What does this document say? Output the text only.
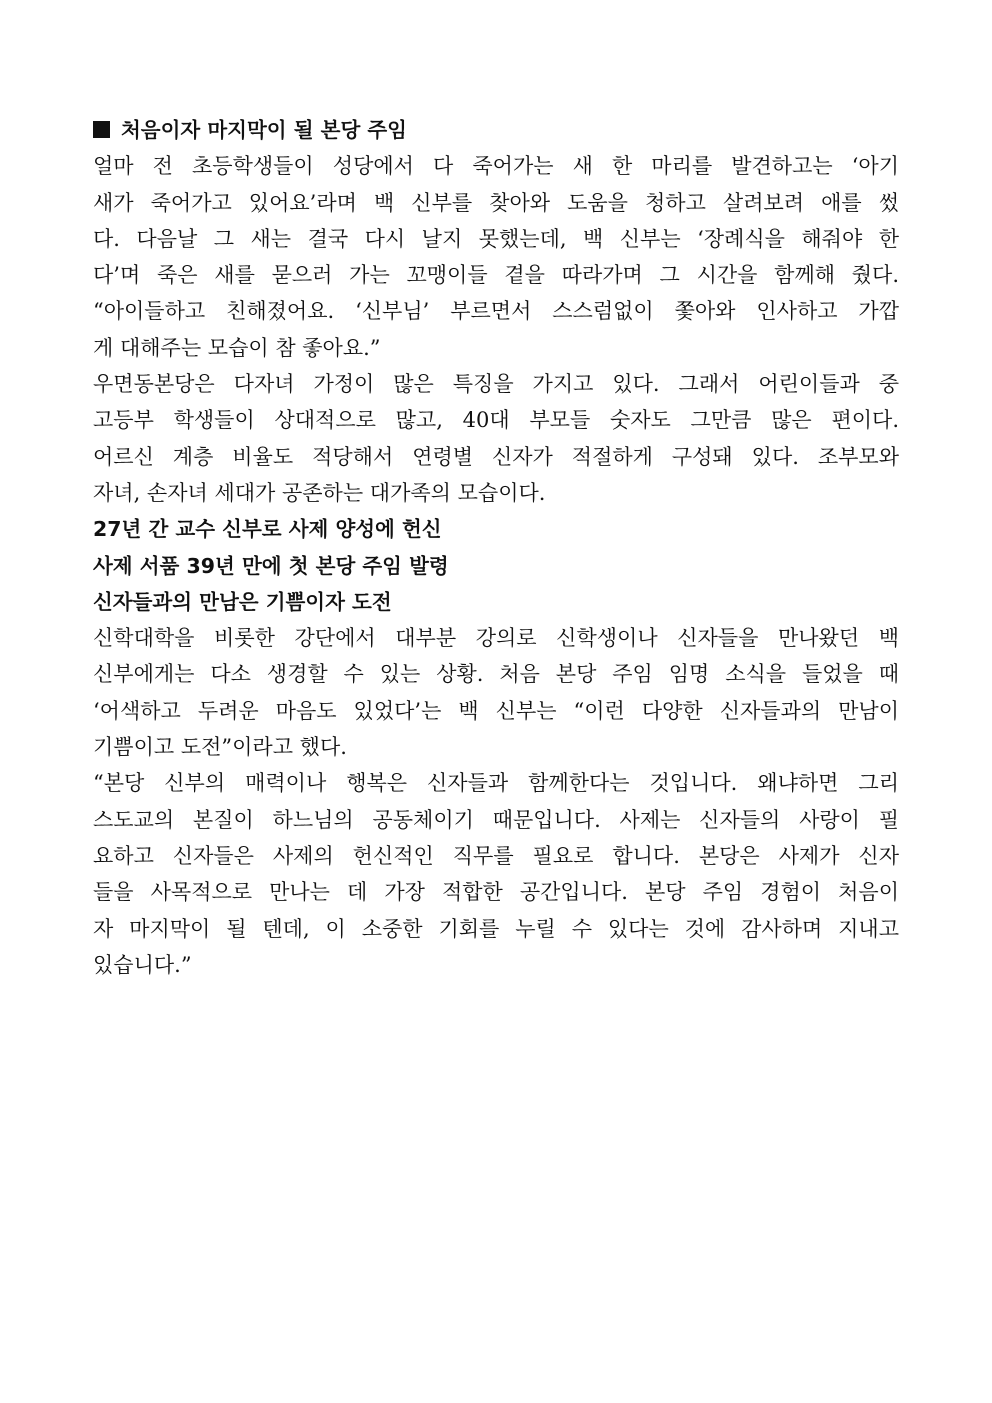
처음이자 마지막이 될 본당 주임
얼마 전 초등학생들이 성당에서 다 죽어가는 새 한 마리를 발견하고는 ‘아기
새가 죽어가고 있어요’라며 백 신부를 찾아와 도움을 청하고 살려보려 애를 썼
다. 다음날 그 새는 결국 다시 날지 못했는데, 백 신부는 ‘장례식을 해줘야 한
다’며 죽은 새를 묻으러 가는 꼬맹이들 곁을 따라가며 그 시간을 함께해 줬다.
“아이들하고 친해졌어요. ‘신부님’ 부르면서 스스럼없이 쫓아와 인사하고 가깝
게 대해주는 모습이 참 좋아요.”
우면동본당은 다자녀 가정이 많은 특징을 가지고 있다. 그래서 어린이들과 중
고등부 학생들이 상대적으로 많고, 40대 부모들 숫자도 그만큼 많은 편이다.
어르신 계층 비율도 적당해서 연령별 신자가 적절하게 구성돼 있다. 조부모와
자녀, 손자녀 세대가 공존하는 대가족의 모습이다.
27년 간 교수 신부로 사제 양성에 헌신
사제 서품 39년 만에 첫 본당 주임 발령
신자들과의 만남은 기쁨이자 도전
신학대학을 비롯한 강단에서 대부분 강의로 신학생이나 신자들을 만나왔던 백
신부에게는 다소 생경할 수 있는 상황. 처음 본당 주임 임명 소식을 들었을 때
‘어색하고 두려운 마음도 있었다’는 백 신부는 “이런 다양한 신자들과의 만남이
기쁨이고 도전”이라고 했다.
“본당 신부의 매력이나 행복은 신자들과 함께한다는 것입니다. 왜냐하면 그리
스도교의 본질이 하느님의 공동체이기 때문입니다. 사제는 신자들의 사랑이 필
요하고 신자들은 사제의 헌신적인 직무를 필요로 합니다. 본당은 사제가 신자
들을 사목적으로 만나는 데 가장 적합한 공간입니다. 본당 주임 경험이 처음이
자 마지막이 될 텐데, 이 소중한 기회를 누릴 수 있다는 것에 감사하며 지내고
있습니다.”
